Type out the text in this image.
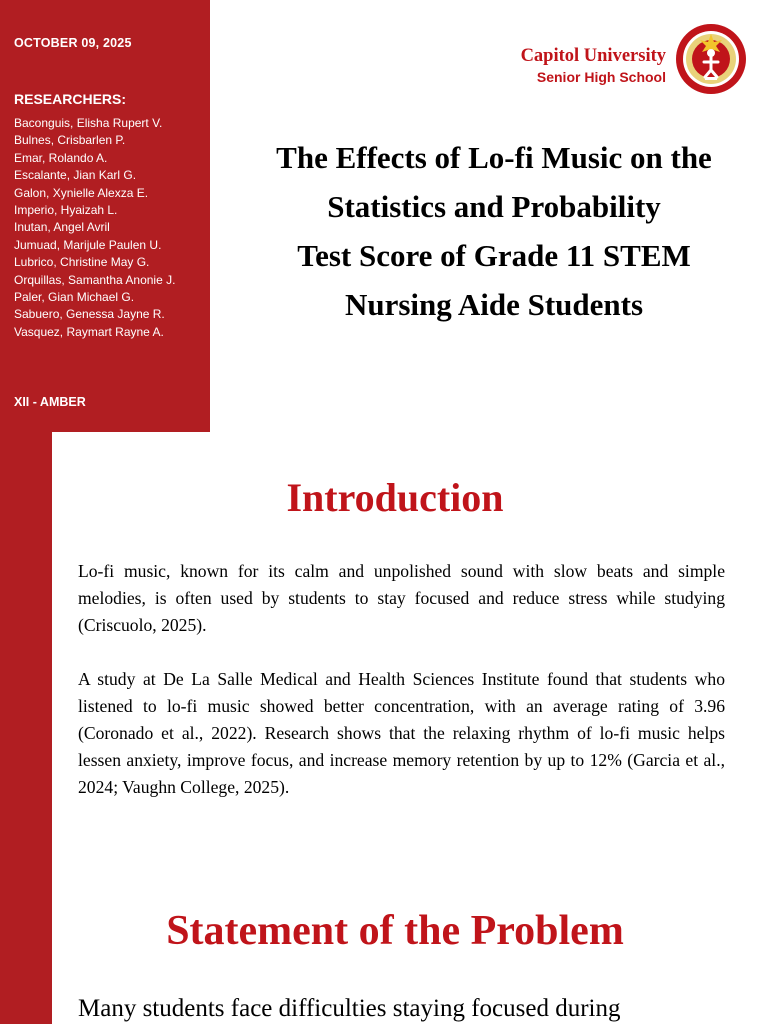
OCTOBER 09, 2025
RESEARCHERS:
Baconguis, Elisha Rupert V.
Bulnes, Crisbarlen P.
Emar, Rolando A.
Escalante, Jian Karl G.
Galon, Xynielle Alexza E.
Imperio, Hyaizah L.
Inutan, Angel Avril
Jumuad, Marijule Paulen U.
Lubrico, Christine May G.
Orquillas, Samantha Anonie J.
Paler, Gian Michael G.
Sabuero, Genessa Jayne R.
Vasquez, Raymart Rayne A.
XII - AMBER
Capitol University
Senior High School
The Effects of Lo-fi Music on the
Statistics and Probability
Test Score of Grade 11 STEM
Nursing Aide Students
Introduction

Lo-fi music, known for its calm and unpolished sound with slow beats and simple melodies, is often used by students to stay focused and reduce stress while studying (Criscuolo, 2025).

A study at De La Salle Medical and Health Sciences Institute found that students who listened to lo-fi music showed better concentration, with an average rating of 3.96 (Coronado et al., 2022). Research shows that the relaxing rhythm of lo-fi music helps lessen anxiety, improve focus, and increase memory retention by up to 12% (Garcia et al., 2024; Vaughn College, 2025).

Statement of the Problem

Many students face difficulties staying focused during
